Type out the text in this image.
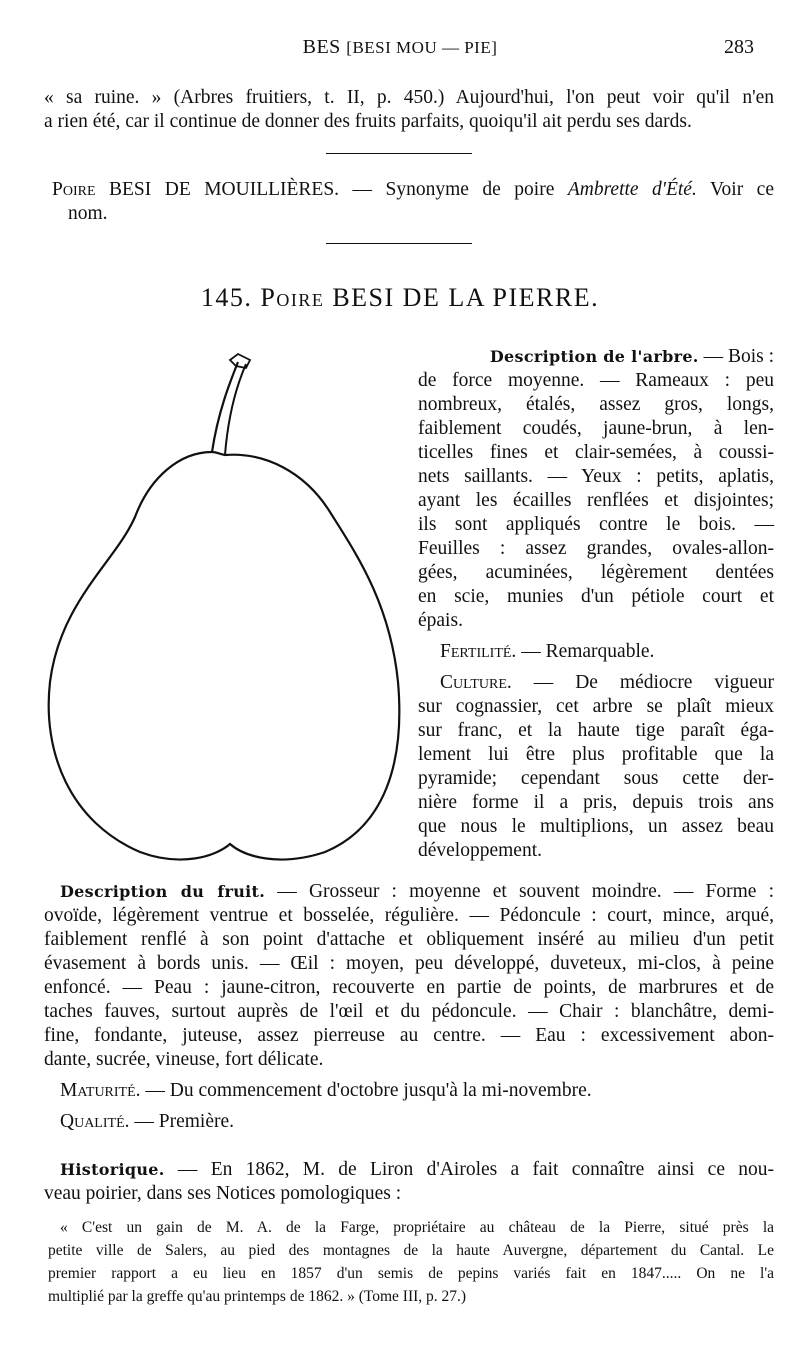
BES [BESI MOU — PIE]	283

« sa ruine. » (Arbres fruitiers, t. II, p. 450.) Aujourd'hui, l'on peut voir qu'il n'en

a rien été, car il continue de donner des fruits parfaits, quoiqu'il ait perdu ses dards.

Poire BESI DE MOUILLIÈRES. — Synonyme de poire Ambrette d'Été. Voir ce

nom.

145. Poire BESI DE LA PIERRE.

Description de l'arbre. — Bois :

de force moyenne. — Rameaux : peu

nombreux, étalés, assez gros, longs,

faiblement coudés, jaune-brun, à len-

ticelles fines et clair-semées, à coussi-

nets saillants. — Yeux : petits, aplatis,

ayant les écailles renflées et disjointes;

ils sont appliqués contre le bois. —

Feuilles : assez grandes, ovales-allon-

gées, acuminées, légèrement dentées

en scie, munies d'un pétiole court et

épais.

Fertilité. — Remarquable.

Culture. — De médiocre vigueur

sur cognassier, cet arbre se plaît mieux

sur franc, et la haute tige paraît éga-

lement lui être plus profitable que la

pyramide; cependant sous cette der-

nière forme il a pris, depuis trois ans

que nous le multiplions, un assez beau

développement.

Description du fruit. — Grosseur : moyenne et souvent moindre. — Forme :

ovoïde, légèrement ventrue et bosselée, régulière. — Pédoncule : court, mince, arqué,

faiblement renflé à son point d'attache et obliquement inséré au milieu d'un petit

évasement à bords unis. — Œil : moyen, peu développé, duveteux, mi-clos, à peine

enfoncé. — Peau : jaune-citron, recouverte en partie de points, de marbrures et de

taches fauves, surtout auprès de l'œil et du pédoncule. — Chair : blanchâtre, demi-

fine, fondante, juteuse, assez pierreuse au centre. — Eau : excessivement abon-

dante, sucrée, vineuse, fort délicate.

Maturité. — Du commencement d'octobre jusqu'à la mi-novembre.

Qualité. — Première.

Historique. — En 1862, M. de Liron d'Airoles a fait connaître ainsi ce nou-

veau poirier, dans ses Notices pomologiques :

« C'est un gain de M. A. de la Farge, propriétaire au château de la Pierre, situé près la

petite ville de Salers, au pied des montagnes de la haute Auvergne, département du Cantal. Le

premier rapport a eu lieu en 1857 d'un semis de pepins variés fait en 1847..... On ne l'a

multiplié par la greffe qu'au printemps de 1862. » (Tome III, p. 27.)
